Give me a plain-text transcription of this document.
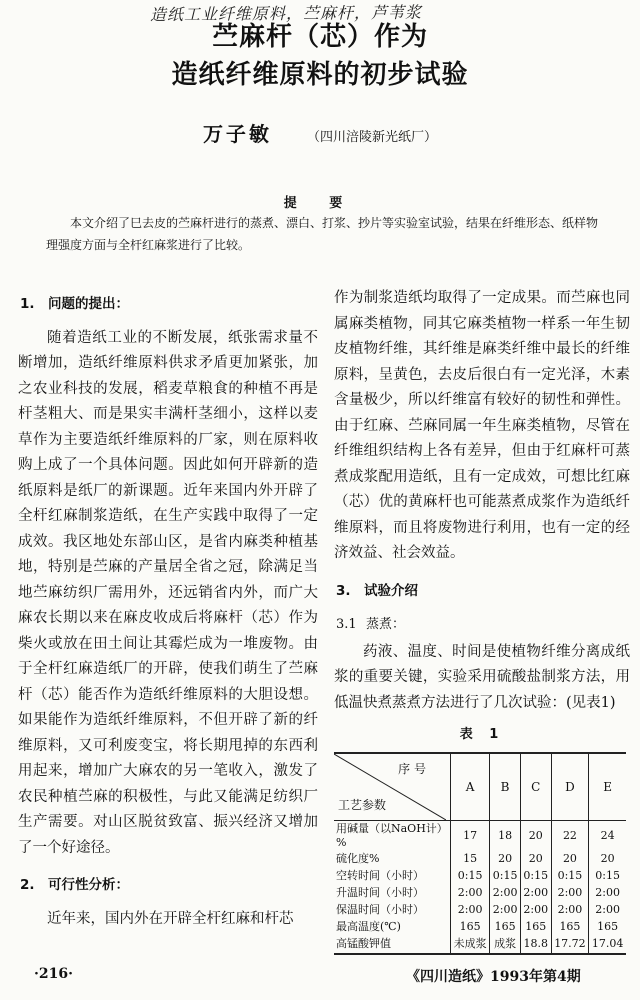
造纸工业纤维原料，苎麻杆，芦苇浆

苎麻杆（芯）作为

造纸纤维原料的初步试验

万子敏	（四川涪陵新光纸厂）
提 要
本文介绍了巳去皮的苎麻杆进行的蒸煮、漂白、打浆、抄片等实验室试验，结果在纤维形态、纸样物理强度方面与全杆红麻浆进行了比较。
1. 问题的提出：

随着造纸工业的不断发展，纸张需求量不断增加，造纸纤维原料供求矛盾更加紧张，加之农业科技的发展，稻麦草粮食的种植不再是杆茎粗大、而是果实丰满杆茎细小，这样以麦草作为主要造纸纤维原料的厂家，则在原料收购上成了一个具体问题。因此如何开辟新的造纸原料是纸厂的新课题。近年来国内外开辟了全杆红麻制浆造纸，在生产实践中取得了一定成效。我区地处东部山区，是省内麻类种植基地，特别是苎麻的产量居全省之冠，除满足当地苎麻纺织厂需用外，还远销省内外，而广大麻农长期以来在麻皮收成后将麻杆（芯）作为柴火或放在田土间让其霉烂成为一堆废物。由于全杆红麻造纸厂的开辟，使我们萌生了苎麻杆（芯）能否作为造纸纤维原料的大胆设想。如果能作为造纸纤维原料，不但开辟了新的纤维原料，又可利废变宝，将长期甩掉的东西利用起来，增加广大麻农的另一笔收入，激发了农民种植苎麻的积极性，与此又能满足纺织厂生产需要。对山区脱贫致富、振兴经济又增加了一个好途径。

2. 可行性分析：

近年来，国内外在开辟全杆红麻和杆芯

作为制浆造纸均取得了一定成果。而苎麻也同属麻类植物，同其它麻类植物一样系一年生韧皮植物纤维，其纤维是麻类纤维中最长的纤维原料，呈黄色，去皮后很白有一定光泽，木素含量极少，所以纤维富有较好的韧性和弹性。由于红麻、苎麻同属一年生麻类植物，尽管在纤维组织结构上各有差异，但由于红麻杆可蒸煮成浆配用造纸，且有一定成效，可想比红麻（芯）优的黄麻杆也可能蒸煮成浆作为造纸纤维原料，而且将废物进行利用，也有一定的经济效益、社会效益。

3. 试验介绍
3.1 蒸煮：

药液、温度、时间是使植物纤维分离成纸浆的重要关键，实验采用硫酸盐制浆方法，用低温快煮蒸煮方法进行了几次试验：(见表1)

表 1
序 号
工艺参数	A	B	C	D	E
用碱量（以NaOH计）%	17	18	20	22	24
硫化度%	15	20	20	20	20
空转时间（小时）	0:15	0:15	0:15	0:15	0:15
升温时间（小时）	2:00	2:00	2:00	2:00	2:00
保温时间（小时）	2:00	2:00	2:00	2:00	2:00
最高温度(℃)	165	165	165	165	165
高锰酸钾值	未成浆	成浆	18.8	17.72	17.04
·216·	《四川造纸》1993年第4期
